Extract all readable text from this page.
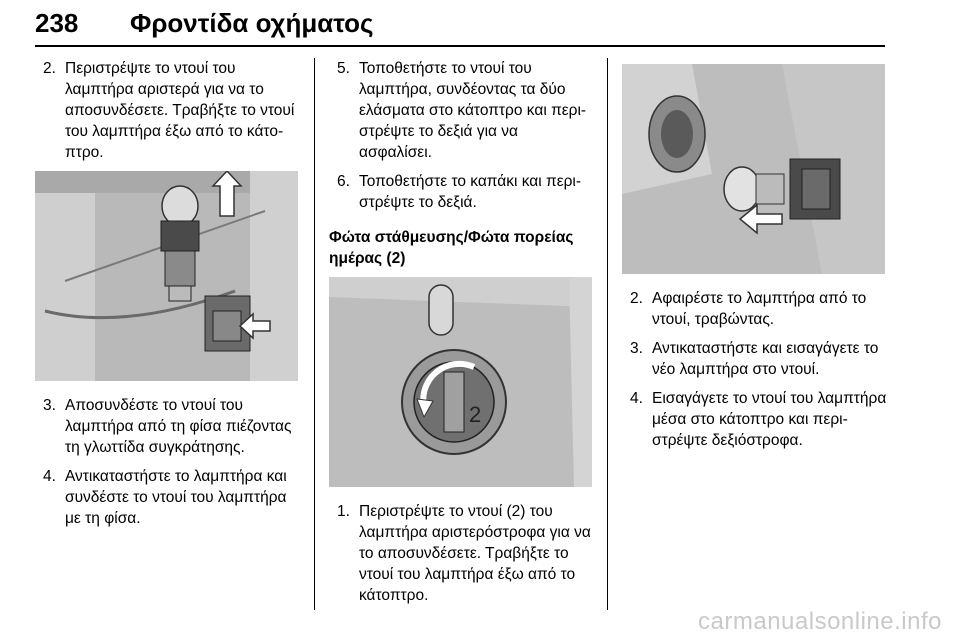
238 Φροντίδα οχήματος
2. Περιστρέψτε το ντουί του λαμπτήρα αριστερά για να το αποσυνδέσετε. Τραβήξτε το ντουί του λαμπτήρα έξω από το κάτο-πτρο.
3. Αποσυνδέστε το ντουί του λαμπτήρα από τη φίσα πιέζοντας τη γλωττίδα συγκράτησης.
4. Αντικαταστήστε το λαμπτήρα και συνδέστε το ντουί του λαμπτήρα με τη φίσα.
5. Τοποθετήστε το ντουί του λαμπτήρα, συνδέοντας τα δύο ελάσματα στο κάτοπτρο και περι-στρέψτε το δεξιά για να ασφαλίσει.
6. Τοποθετήστε το καπάκι και περι-στρέψτε το δεξιά.
Φώτα στάθμευσης/Φώτα πορείας ημέρας (2)
2
1. Περιστρέψτε το ντουί (2) του λαμπτήρα αριστερόστροφα για να το αποσυνδέσετε. Τραβήξτε το ντουί του λαμπτήρα έξω από το κάτοπτρο.
2. Αφαιρέστε το λαμπτήρα από το ντουί, τραβώντας.
3. Αντικαταστήστε και εισαγάγετε το νέο λαμπτήρα στο ντουί.
4. Εισαγάγετε το ντουί του λαμπτήρα μέσα στο κάτοπτρο και περι-στρέψτε δεξιόστροφα.
carmanualsonline.info
